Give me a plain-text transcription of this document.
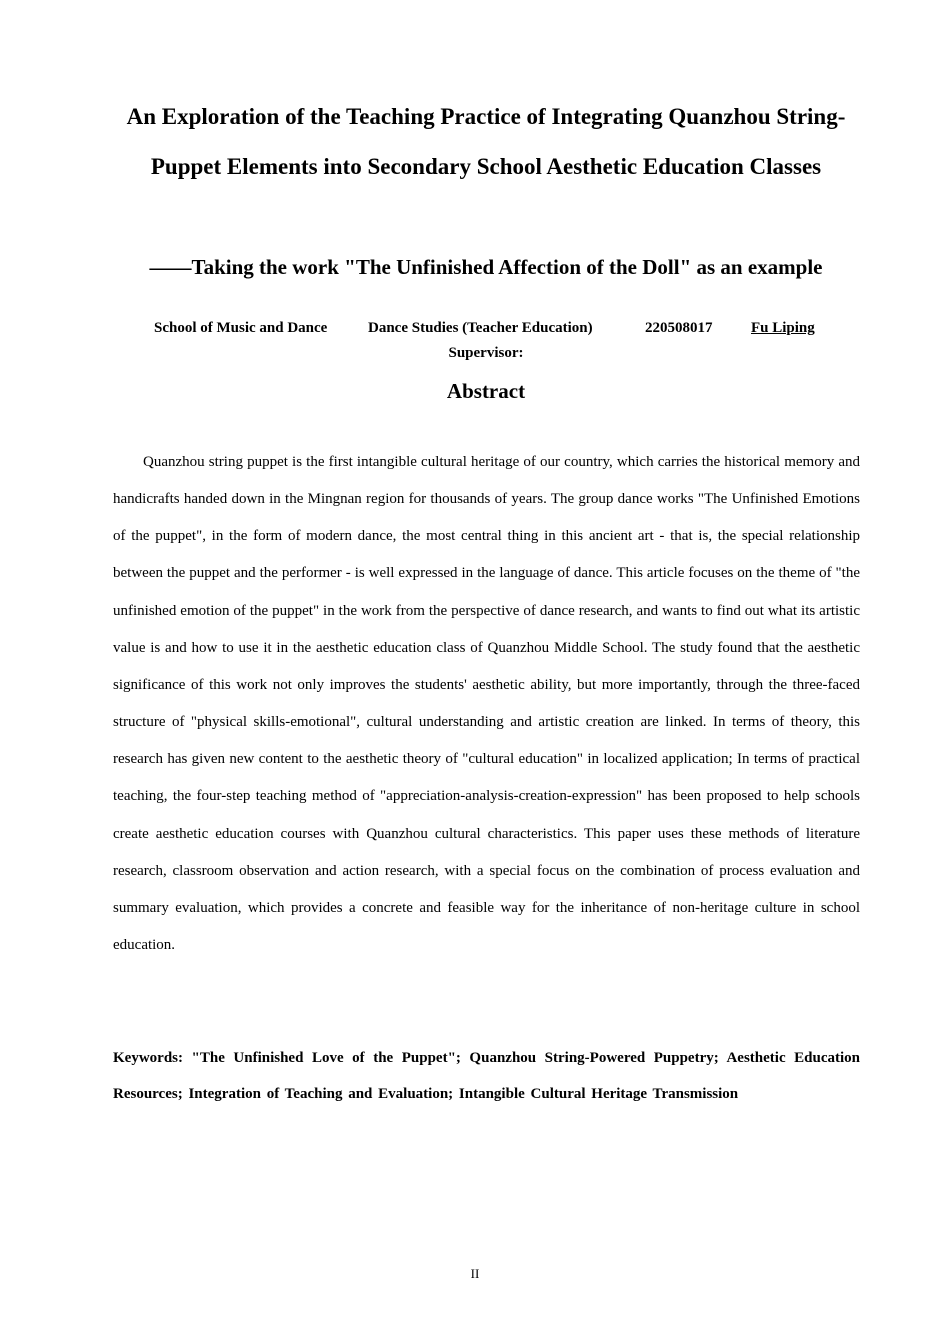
An Exploration of the Teaching Practice of Integrating Quanzhou String-Puppet Elements into Secondary School Aesthetic Education Classes
——Taking the work "The Unfinished Affection of the Doll" as an example
School of Music and Dance	Dance Studies (Teacher Education)	220508017	Fu Liping
Supervisor:
Abstract

Quanzhou string puppet is the first intangible cultural heritage of our country, which carries the historical memory and handicrafts handed down in the Mingnan region for thousands of years. The group dance works "The Unfinished Emotions of the puppet", in the form of modern dance, the most central thing in this ancient art - that is, the special relationship between the puppet and the performer - is well expressed in the language of dance. This article focuses on the theme of "the unfinished emotion of the puppet" in the work from the perspective of dance research, and wants to find out what its artistic value is and how to use it in the aesthetic education class of Quanzhou Middle School. The study found that the aesthetic significance of this work not only improves the students' aesthetic ability, but more importantly, through the three-faced structure of "physical skills-emotional", cultural understanding and artistic creation are linked. In terms of theory, this research has given new content to the aesthetic theory of "cultural education" in localized application; In terms of practical teaching, the four-step teaching method of "appreciation-analysis-creation-expression" has been proposed to help schools create aesthetic education courses with Quanzhou cultural characteristics. This paper uses these methods of literature research, classroom observation and action research, with a special focus on the combination of process evaluation and summary evaluation, which provides a concrete and feasible way for the inheritance of non-heritage culture in school education.

Keywords: "The Unfinished Love of the Puppet"; Quanzhou String-Powered Puppetry; Aesthetic Education Resources; Integration of Teaching and Evaluation; Intangible Cultural Heritage Transmission

II
